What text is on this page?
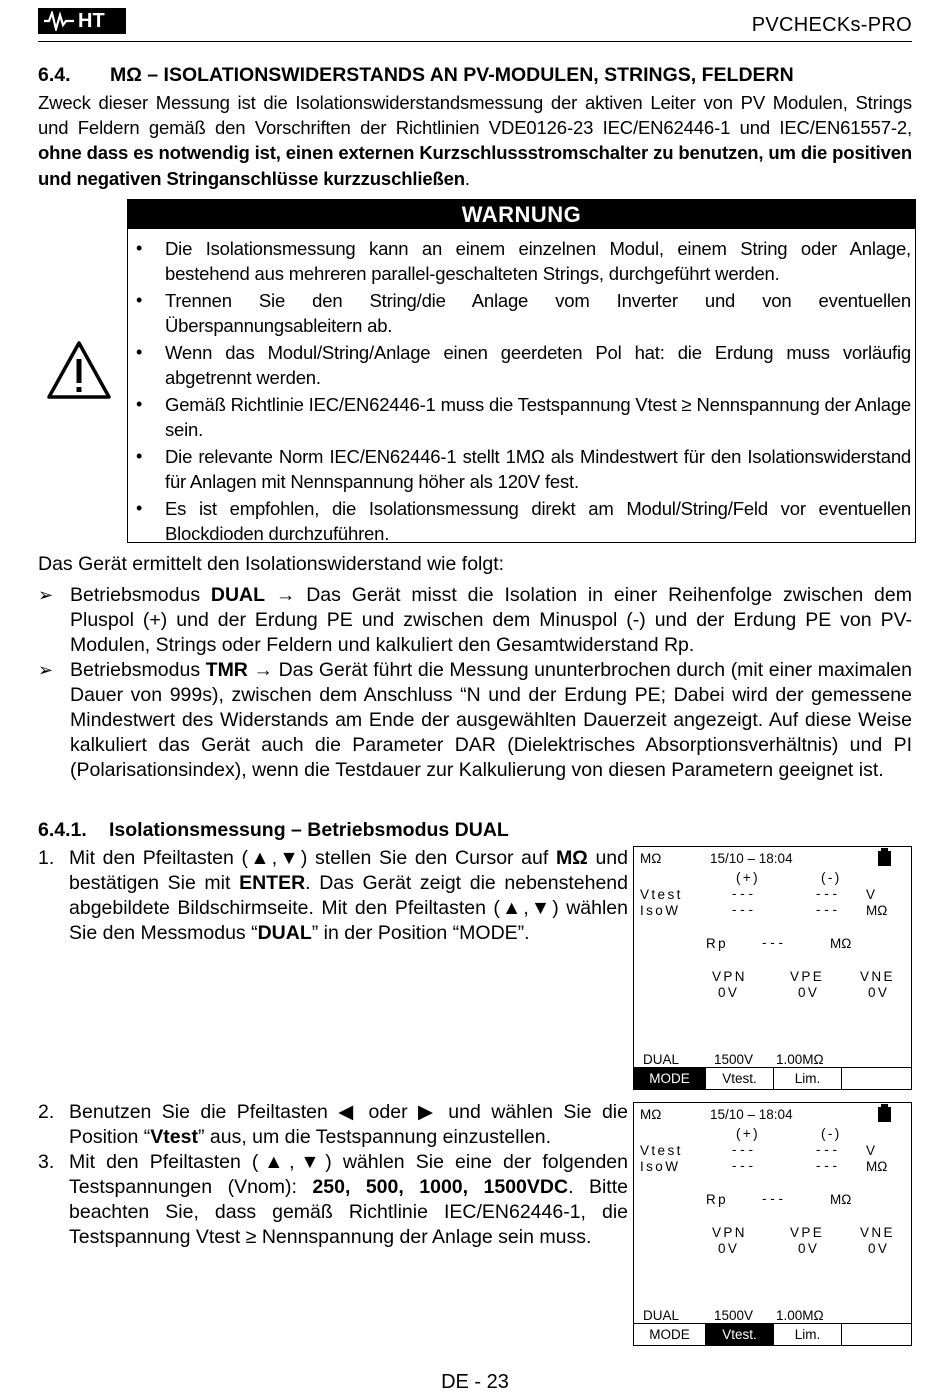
HT	PVCHECKs-PRO
6.4. MΩ – ISOLATIONSWIDERSTANDS AN PV-MODULEN, STRINGS, FELDERN
Zweck dieser Messung ist die Isolationswiderstandsmessung der aktiven Leiter von PV Modulen, Strings und Feldern gemäß den Vorschriften der Richtlinien VDE0126-23 IEC/EN62446-1 und IEC/EN61557-2, ohne dass es notwendig ist, einen externen Kurzschlussstromschalter zu benutzen, um die positiven und negativen Stringanschlüsse kurzzuschließen.
WARNUNG
• Die Isolationsmessung kann an einem einzelnen Modul, einem String oder Anlage, bestehend aus mehreren parallel-geschalteten Strings, durchgeführt werden.
• Trennen Sie den String/die Anlage vom Inverter und von eventuellen Überspannungsableitern ab.
• Wenn das Modul/String/Anlage einen geerdeten Pol hat: die Erdung muss vorläufig abgetrennt werden.
• Gemäß Richtlinie IEC/EN62446-1 muss die Testspannung Vtest ≥ Nennspannung der Anlage sein.
• Die relevante Norm IEC/EN62446-1 stellt 1MΩ als Mindestwert für den Isolationswiderstand für Anlagen mit Nennspannung höher als 120V fest.
• Es ist empfohlen, die Isolationsmessung direkt am Modul/String/Feld vor eventuellen Blockdioden durchzuführen.
Das Gerät ermittelt den Isolationswiderstand wie folgt:
➢ Betriebsmodus DUAL → Das Gerät misst die Isolation in einer Reihenfolge zwischen dem Pluspol (+) und der Erdung PE und zwischen dem Minuspol (-) und der Erdung PE von PV-Modulen, Strings oder Feldern und kalkuliert den Gesamtwiderstand Rp.
➢ Betriebsmodus TMR → Das Gerät führt die Messung ununterbrochen durch (mit einer maximalen Dauer von 999s), zwischen dem Anschluss “N und der Erdung PE; Dabei wird der gemessene Mindestwert des Widerstands am Ende der ausgewählten Dauerzeit angezeigt. Auf diese Weise kalkuliert das Gerät auch die Parameter DAR (Dielektrisches Absorptionsverhältnis) und PI (Polarisationsindex), wenn die Testdauer zur Kalkulierung von diesen Parametern geeignet ist.
6.4.1. Isolationsmessung – Betriebsmodus DUAL
1. Mit den Pfeiltasten (▲,▼) stellen Sie den Cursor auf MΩ und bestätigen Sie mit ENTER. Das Gerät zeigt die nebenstehend abgebildete Bildschirmseite. Mit den Pfeiltasten (▲,▼) wählen Sie den Messmodus “DUAL” in der Position “MODE”.
2. Benutzen Sie die Pfeiltasten ◀ oder ▶ und wählen Sie die Position “Vtest” aus, um die Testspannung einzustellen.
3. Mit den Pfeiltasten (▲,▼) wählen Sie eine der folgenden Testspannungen (Vnom): 250, 500, 1000, 1500VDC. Bitte beachten Sie, dass gemäß Richtlinie IEC/EN62446-1, die Testspannung Vtest ≥ Nennspannung der Anlage sein muss.
MΩ	15/10 – 18:04
(+)	(-)
Vtest	- - -	- - - V
IsoW	- - -	- - - MΩ
Rp	- - -	MΩ
VPN	VPE	VNE
0V	0V	0V
DUAL	1500V 1.00MΩ
MODE	Vtest.	Lim.
MΩ	15/10 – 18:04
(+)	(-)
Vtest	- - -	- - - V
IsoW	- - -	- - - MΩ
Rp	- - -	MΩ
VPN	VPE	VNE
0V	0V	0V
DUAL	1500V 1.00MΩ
MODE	Vtest.	Lim.
DE - 23
